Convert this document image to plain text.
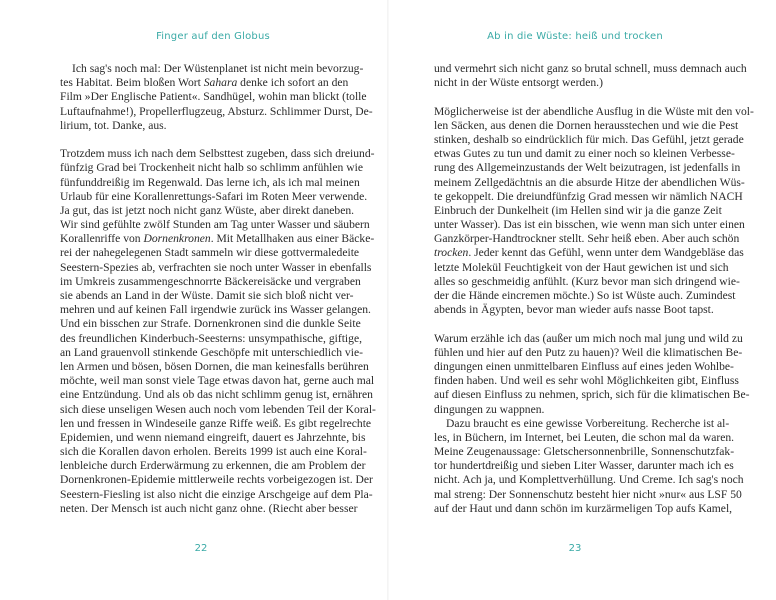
Finger auf den Globus
Ich sag's noch mal: Der Wüstenplanet ist nicht mein bevorzug-
tes Habitat. Beim bloßen Wort Sahara denke ich sofort an den
Film »Der Englische Patient«. Sandhügel, wohin man blickt (tolle
Luftaufnahme!), Propellerflugzeug, Absturz. Schlimmer Durst, De-
lirium, tot. Danke, aus.
Trotzdem muss ich nach dem Selbsttest zugeben, dass sich dreiund-
fünfzig Grad bei Trockenheit nicht halb so schlimm anfühlen wie
fünfunddreißig im Regenwald. Das lerne ich, als ich mal meinen
Urlaub für eine Korallenrettungs-Safari im Roten Meer verwende.
Ja gut, das ist jetzt noch nicht ganz Wüste, aber direkt daneben.
Wir sind gefühlte zwölf Stunden am Tag unter Wasser und säubern
Korallenriffe von Dornenkronen. Mit Metallhaken aus einer Bäcke-
rei der nahegelegenen Stadt sammeln wir diese gottvermaledeite
Seestern-Spezies ab, verfrachten sie noch unter Wasser in ebenfalls
im Umkreis zusammengeschnorrte Bäckereisäcke und vergraben
sie abends an Land in der Wüste. Damit sie sich bloß nicht ver-
mehren und auf keinen Fall irgendwie zurück ins Wasser gelangen.
Und ein bisschen zur Strafe. Dornenkronen sind die dunkle Seite
des freundlichen Kinderbuch-Seesterns: unsympathische, giftige,
an Land grauenvoll stinkende Geschöpfe mit unterschiedlich vie-
len Armen und bösen, bösen Dornen, die man keinesfalls berühren
möchte, weil man sonst viele Tage etwas davon hat, gerne auch mal
eine Entzündung. Und als ob das nicht schlimm genug ist, ernähren
sich diese unseligen Wesen auch noch vom lebenden Teil der Koral-
len und fressen in Windeseile ganze Riffe weiß. Es gibt regelrechte
Epidemien, und wenn niemand eingreift, dauert es Jahrzehnte, bis
sich die Korallen davon erholen. Bereits 1999 ist auch eine Koral-
lenbleiche durch Erderwärmung zu erkennen, die am Problem der
Dornenkronen-Epidemie mittlerweile rechts vorbeigezogen ist. Der
Seestern-Fiesling ist also nicht die einzige Arschgeige auf dem Pla-
neten. Der Mensch ist auch nicht ganz ohne. (Riecht aber besser
22
Ab in die Wüste: heiß und trocken
und vermehrt sich nicht ganz so brutal schnell, muss demnach auch
nicht in der Wüste entsorgt werden.)
Möglicherweise ist der abendliche Ausflug in die Wüste mit den vol-
len Säcken, aus denen die Dornen herausstechen und wie die Pest
stinken, deshalb so eindrücklich für mich. Das Gefühl, jetzt gerade
etwas Gutes zu tun und damit zu einer noch so kleinen Verbesse-
rung des Allgemeinzustands der Welt beizutragen, ist jedenfalls in
meinem Zellgedächtnis an die absurde Hitze der abendlichen Wüs-
te gekoppelt. Die dreiundfünfzig Grad messen wir nämlich NACH
Einbruch der Dunkelheit (im Hellen sind wir ja die ganze Zeit
unter Wasser). Das ist ein bisschen, wie wenn man sich unter einen
Ganzkörper-Handtrockner stellt. Sehr heiß eben. Aber auch schön
trocken. Jeder kennt das Gefühl, wenn unter dem Wandgebläse das
letzte Molekül Feuchtigkeit von der Haut gewichen ist und sich
alles so geschmeidig anfühlt. (Kurz bevor man sich dringend wie-
der die Hände eincremen möchte.) So ist Wüste auch. Zumindest
abends in Ägypten, bevor man wieder aufs nasse Boot tapst.
Warum erzähle ich das (außer um mich noch mal jung und wild zu
fühlen und hier auf den Putz zu hauen)? Weil die klimatischen Be-
dingungen einen unmittelbaren Einfluss auf eines jeden Wohlbe-
finden haben. Und weil es sehr wohl Möglichkeiten gibt, Einfluss
auf diesen Einfluss zu nehmen, sprich, sich für die klimatischen Be-
dingungen zu wappnen.
Dazu braucht es eine gewisse Vorbereitung. Recherche ist al-
les, in Büchern, im Internet, bei Leuten, die schon mal da waren.
Meine Zeugenaussage: Gletschersonnenbrille, Sonnenschutzfak-
tor hundertdreißig und sieben Liter Wasser, darunter mach ich es
nicht. Ach ja, und Komplettverhüllung. Und Creme. Ich sag's noch
mal streng: Der Sonnenschutz besteht hier nicht »nur« aus LSF 50
auf der Haut und dann schön im kurzärmeligen Top aufs Kamel,
23
